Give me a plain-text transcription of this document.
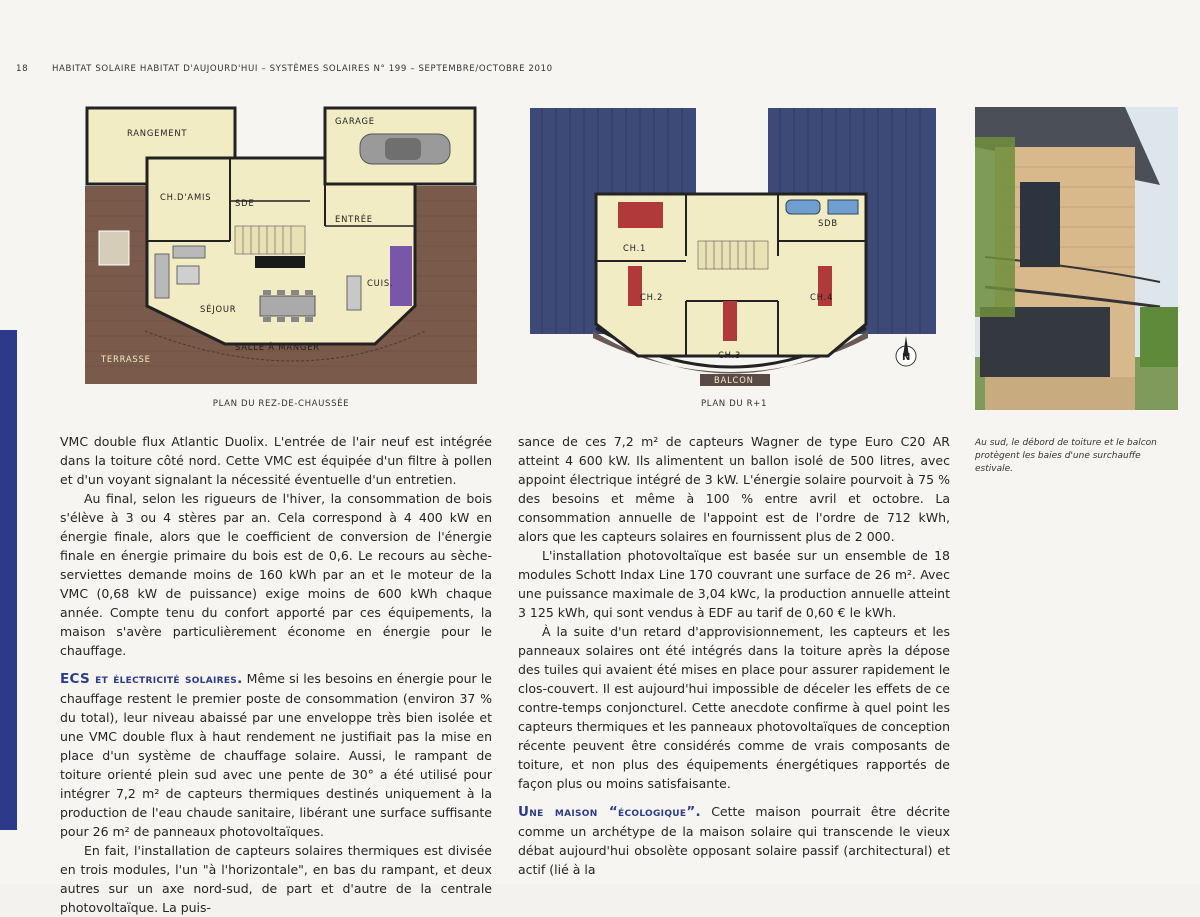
18	HABITAT SOLAIRE HABITAT D'AUJOURD'HUI – SYSTÈMES SOLAIRES N° 199 – SEPTEMBRE/OCTOBRE 2010
RANGEMENT
GARAGE
CH.D'AMIS
SDE
ENTRÉE
CUIS.
SÉJOUR
SALLE À MANGER
TERRASSE
PLAN DU REZ-DE-CHAUSSÉE
N
CH.1
CH.2
CH.3
CH.4
SDB
BALCON
PLAN DU R+1
Au sud, le débord de toiture et le balcon protègent les baies d'une surchauffe estivale.

VMC double flux Atlantic Duolix. L'entrée de l'air neuf est intégrée dans la toiture côté nord. Cette VMC est équipée d'un filtre à pollen et d'un voyant signalant la nécessité éventuelle d'un entretien.

Au final, selon les rigueurs de l'hiver, la consommation de bois s'élève à 3 ou 4 stères par an. Cela correspond à 4 400 kW en énergie finale, alors que le coefficient de conversion de l'énergie finale en énergie primaire du bois est de 0,6. Le recours au sèche-serviettes demande moins de 160 kWh par an et le moteur de la VMC (0,68 kW de puissance) exige moins de 600 kWh chaque année. Compte tenu du confort apporté par ces équipements, la maison s'avère particulièrement économe en énergie pour le chauffage.

ECS et électricité solaires. Même si les besoins en énergie pour le chauffage restent le premier poste de consommation (environ 37 % du total), leur niveau abaissé par une enveloppe très bien isolée et une VMC double flux à haut rendement ne justifiait pas la mise en place d'un système de chauffage solaire. Aussi, le rampant de toiture orienté plein sud avec une pente de 30° a été utilisé pour intégrer 7,2 m² de capteurs thermiques destinés uniquement à la production de l'eau chaude sanitaire, libérant une surface suffisante pour 26 m² de panneaux photovoltaïques.

En fait, l'installation de capteurs solaires thermiques est divisée en trois modules, l'un "à l'horizontale", en bas du rampant, et deux autres sur un axe nord-sud, de part et d'autre de la centrale photovoltaïque. La puis-

sance de ces 7,2 m² de capteurs Wagner de type Euro C20 AR atteint 4 600 kW. Ils alimentent un ballon isolé de 500 litres, avec appoint électrique intégré de 3 kW. L'énergie solaire pourvoit à 75 % des besoins et même à 100 % entre avril et octobre. La consommation annuelle de l'appoint est de l'ordre de 712 kWh, alors que les capteurs solaires en fournissent plus de 2 000.

L'installation photovoltaïque est basée sur un ensemble de 18 modules Schott Indax Line 170 couvrant une surface de 26 m². Avec une puissance maximale de 3,04 kWc, la production annuelle atteint 3 125 kWh, qui sont vendus à EDF au tarif de 0,60 € le kWh.

À la suite d'un retard d'approvisionnement, les capteurs et les panneaux solaires ont été intégrés dans la toiture après la dépose des tuiles qui avaient été mises en place pour assurer rapidement le clos-couvert. Il est aujourd'hui impossible de déceler les effets de ce contre-temps conjoncturel. Cette anecdote confirme à quel point les capteurs thermiques et les panneaux photovoltaïques de conception récente peuvent être considérés comme de vrais composants de toiture, et non plus des équipements énergétiques rapportés de façon plus ou moins satisfaisante.

Une maison “écologique”. Cette maison pourrait être décrite comme un archétype de la maison solaire qui transcende le vieux débat aujourd'hui obsolète opposant solaire passif (architectural) et actif (lié à la
